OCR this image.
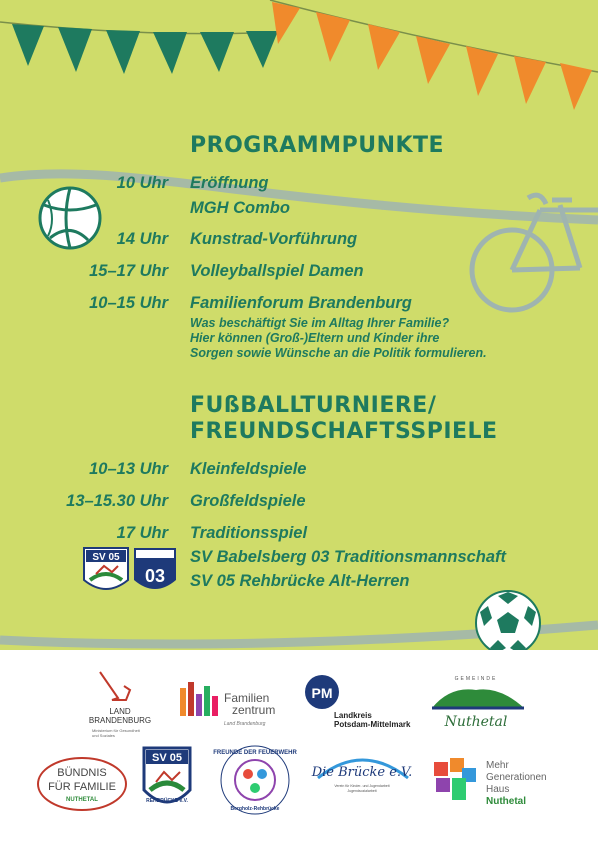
SV 05
03
PROGRAMMPUNKTE
10 Uhr Eröffnung
MGH Combo
14 Uhr Kunstrad-Vorführung
15–17 Uhr Volleyballspiel Damen
10–15 Uhr Familienforum Brandenburg
Was beschäftigt Sie im Alltag Ihrer Familie?
Hier können (Groß-)Eltern und Kinder ihre
Sorgen sowie Wünsche an die Politik formulieren.
FUßBALLTURNIERE/
FREUNDSCHAFTSSPIELE
10–13 Uhr Kleinfeldspiele
13–15.30 Uhr Großfeldspiele
17 Uhr Traditionsspiel
SV Babelsberg 03 Traditionsmannschaft
SV 05 Rehbrücke Alt-Herren
LAND
BRANDENBURG
Ministerium für Gesundheit
und Soziales
Familien
zentrum
Land Brandenburg
PM
Landkreis
Potsdam-Mittelmark
GEMEINDE
Nuthetal
BÜNDNIS
FÜR FAMILIE
NUTHETAL
SV 05
REHBRÜCKE e.V.
FREUNDE DER FEUERWEHR
Bergholz-Rehbrücke
Die Brücke e.V.
Verein für Kinder- und Jugendarbeit
Jugendsozialarbeit
Mehr
Generationen
Haus
Nuthetal
